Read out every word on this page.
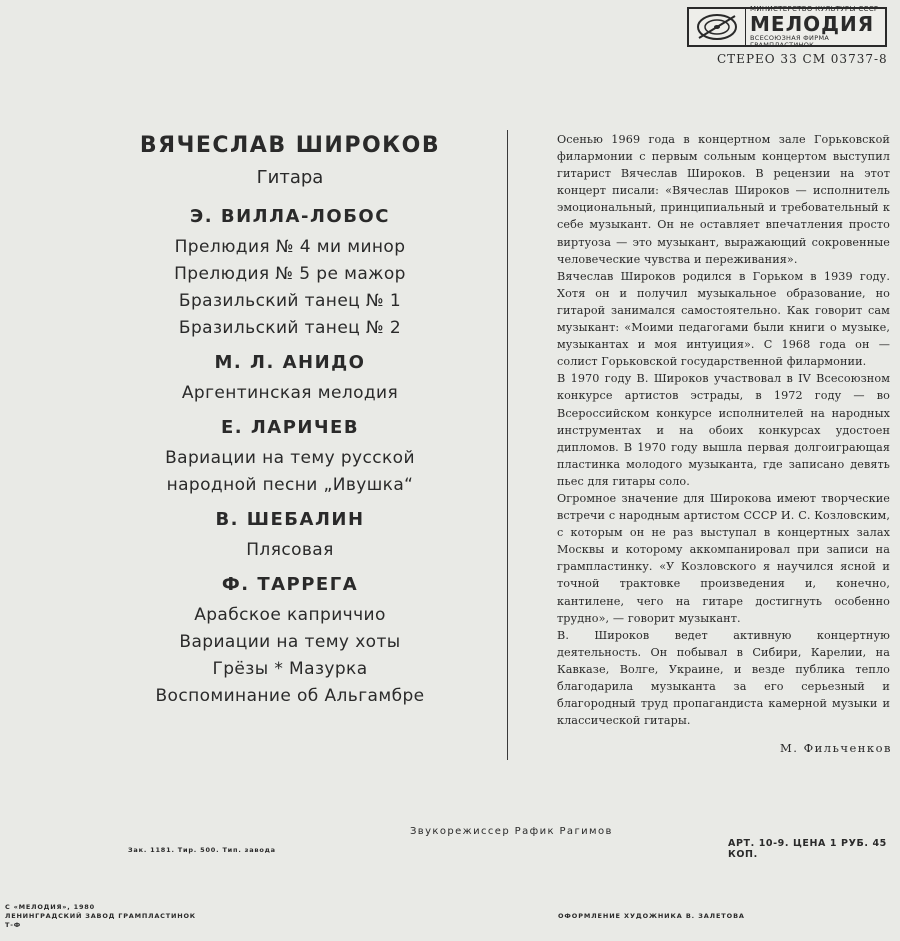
МИНИСТЕРСТВО КУЛЬТУРЫ СССР
МЕЛОДИЯ
ВСЕСОЮЗНАЯ ФИРМА ГРАМПЛАСТИНОК
СТЕРЕО 33 СМ 03737-8
ВЯЧЕСЛАВ ШИРОКОВ
Гитара
Э. ВИЛЛА-ЛОБОС
Прелюдия № 4 ми минор
Прелюдия № 5 ре мажор
Бразильский танец № 1
Бразильский танец № 2
М. Л. АНИДО
Аргентинская мелодия
Е. ЛАРИЧЕВ
Вариации на тему русской
народной песни „Ивушка“
В. ШЕБАЛИН
Плясовая
Ф. ТАРРЕГА
Арабское каприччио
Вариации на тему хоты
Грёзы * Мазурка
Воспоминание об Альгамбре

Осенью 1969 года в концертном зале Горьковской филармонии с первым сольным концертом выступил гитарист Вячеслав Широков. В рецензии на этот концерт писали: «Вячеслав Широков — исполнитель эмоциональный, принципиальный и требовательный к себе музыкант. Он не оставляет впечатления просто виртуоза — это музыкант, выражающий сокровенные человеческие чувства и переживания».

Вячеслав Широков родился в Горьком в 1939 году. Хотя он и получил музыкальное образование, но гитарой занимался самостоятельно. Как говорит сам музыкант: «Моими педагогами были книги о музыке, музыкантах и моя интуиция». С 1968 года он — солист Горьковской государственной филармонии.

В 1970 году В. Широков участвовал в IV Всесоюзном конкурсе артистов эстрады, в 1972 году — во Всероссийском конкурсе исполнителей на народных инструментах и на обоих конкурсах удостоен дипломов. В 1970 году вышла первая долгоиграющая пластинка молодого музыканта, где записано девять пьес для гитары соло.

Огромное значение для Широкова имеют творческие встречи с народным артистом СССР И. С. Козловским, с которым он не раз выступал в концертных залах Москвы и которому аккомпанировал при записи на грампластинку. «У Козловского я научился ясной и точной трактовке произведения и, конечно, кантилене, чего на гитаре достигнуть особенно трудно», — говорит музыкант.

В. Широков ведет активную концертную деятельность. Он побывал в Сибири, Карелии, на Кавказе, Волге, Украине, и везде публика тепло благодарила музыканта за его серьезный и благородный труд пропагандиста камерной музыки и классической гитары.

М. Фильченков
Звукорежиссер Рафик Рагимов
АРТ. 10-9. ЦЕНА 1 РУБ. 45 КОП.
Зак. 1181. Тир. 500. Тип. завода
С «МЕЛОДИЯ», 1980
ЛЕНИНГРАДСКИЙ ЗАВОД ГРАМПЛАСТИНОК
Т-Ф
ОФОРМЛЕНИЕ ХУДОЖНИКА В. ЗАЛЕТОВА
